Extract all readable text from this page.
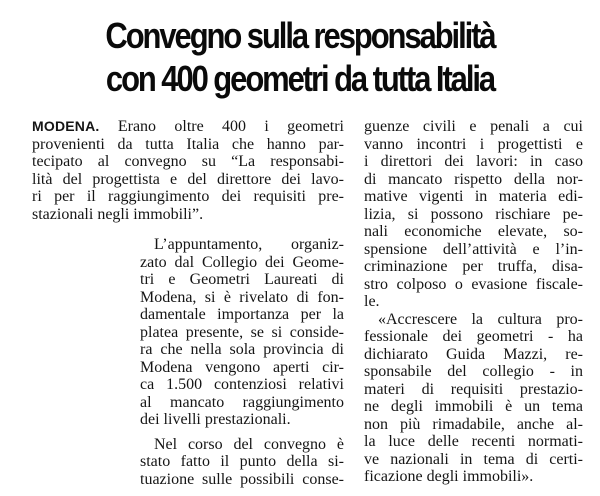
Convegno sulla responsabilità
con 400 geometri da tutta Italia
MODENA. Erano oltre 400 i geometri
provenienti da tutta Italia che hanno par-
tecipato al convegno su “La responsabi-
lità del progettista e del direttore dei lavo-
ri per il raggiungimento dei requisiti pre-
stazionali negli immobili”.
L’appuntamento, organiz-
zato dal Collegio dei Geome-
tri e Geometri Laureati di
Modena, si è rivelato di fon-
damentale importanza per la
platea presente, se si conside-
ra che nella sola provincia di
Modena vengono aperti cir-
ca 1.500 contenziosi relativi
al mancato raggiungimento
dei livelli prestazionali.
Nel corso del convegno è
stato fatto il punto della si-
tuazione sulle possibili conse-
guenze civili e penali a cui
vanno incontri i progettisti e
i direttori dei lavori: in caso
di mancato rispetto della nor-
mative vigenti in materia edi-
lizia, si possono rischiare pe-
nali economiche elevate, so-
spensione dell’attività e l’in-
criminazione per truffa, disa-
stro colposo o evasione fiscale-
le.
«Accrescere la cultura pro-
fessionale dei geometri - ha
dichiarato Guida Mazzi, re-
sponsabile del collegio - in
materi di requisiti prestazio-
ne degli immobili è un tema
non più rimadabile, anche al-
la luce delle recenti normati-
ve nazionali in tema di certi-
ficazione degli immobili».
